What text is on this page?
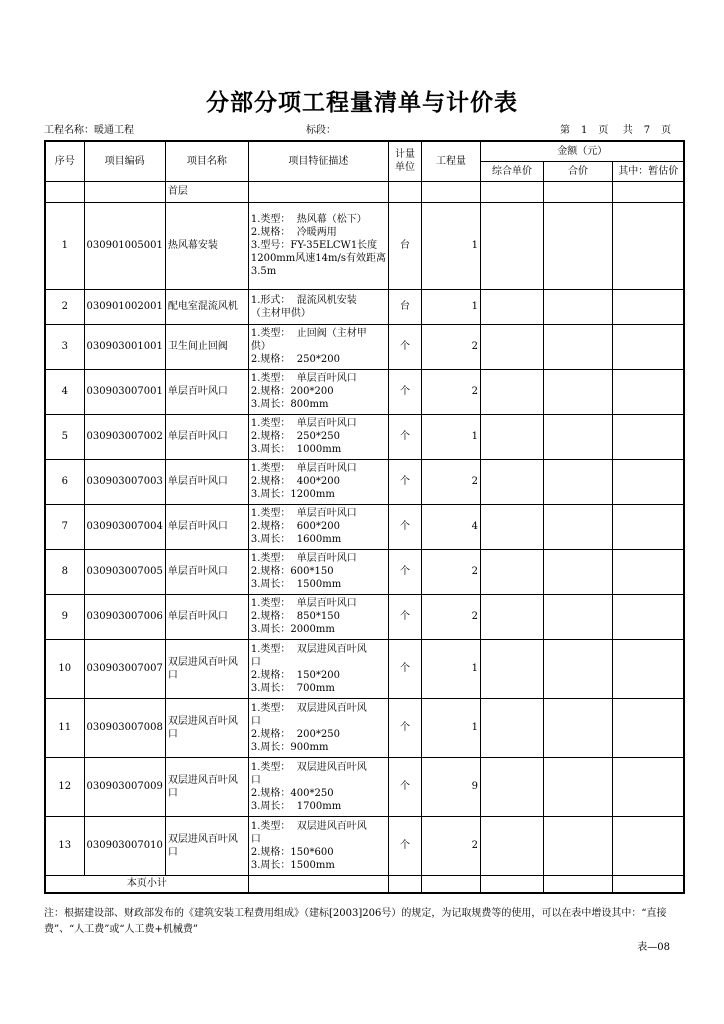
分部分项工程量清单与计价表
工程名称：暖通工程	标段：	第 1 页 共 7 页
序号	项目编码	项目名称	项目特征描述	计量
单位	工程量	金额（元）		
						综合单价	合价	其中：暂估价
		首层						
1	030901005001	热风幕安装	1.类型：  热风幕（松下）
2.规格：  冷暖两用
3.型号：FY-35ELCW1长度
1200mm风速14m/s有效距离
3.5m	台	1			
2	030901002001	配电室混流风机	1.形式：  混流风机安装
（主材甲供）	台	1			
3	030903001001	卫生间止回阀	1.类型：  止回阀（主材甲
供）
2.规格：  250*200	个	2			
4	030903007001	单层百叶风口	1.类型：  单层百叶风口
2.规格：200*200
3.周长：800mm	个	2			
5	030903007002	单层百叶风口	1.类型：  单层百叶风口
2.规格：  250*250
3.周长：  1000mm	个	1			
6	030903007003	单层百叶风口	1.类型：  单层百叶风口
2.规格：  400*200
3.周长：1200mm	个	2			
7	030903007004	单层百叶风口	1.类型：  单层百叶风口
2.规格：  600*200
3.周长：  1600mm	个	4			
8	030903007005	单层百叶风口	1.类型：  单层百叶风口
2.规格：600*150
3.周长：  1500mm	个	2			
9	030903007006	单层百叶风口	1.类型：  单层百叶风口
2.规格：  850*150
3.周长：2000mm	个	2			
10	030903007007	双层进风百叶风口	1.类型：  双层进风百叶风
口
2.规格：  150*200
3.周长：  700mm	个	1			
11	030903007008	双层进风百叶风口	1.类型：  双层进风百叶风
口
2.规格：  200*250
3.周长：900mm	个	1			
12	030903007009	双层进风百叶风口	1.类型：  双层进风百叶风
口
2.规格：400*250
3.周长：  1700mm	个	9			
13	030903007010	双层进风百叶风口	1.类型：  双层进风百叶风
口
2.规格：150*600
3.周长：1500mm	个	2			
本页小计								
注：根据建设部、财政部发布的《建筑安装工程费用组成》（建标[2003]206号）的规定，为记取规费等的使用，可以在表中增设其中：“直接费”、“人工费”或“人工费+机械费”
表—08
